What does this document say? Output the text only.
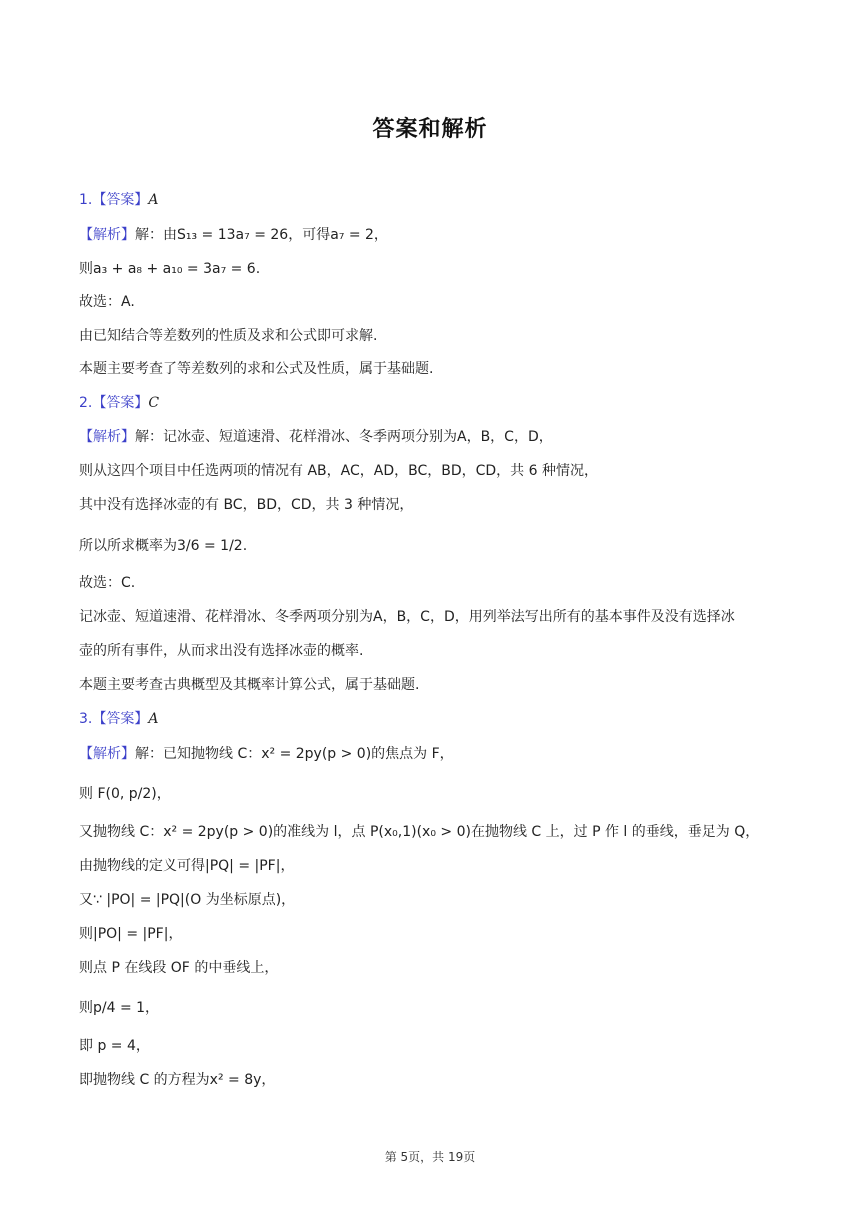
答案和解析
1.【答案】A
【解析】解：由S₁₃ = 13a₇ = 26，可得a₇ = 2，
则a₃ + a₈ + a₁₀ = 3a₇ = 6.
故选：A.
由已知结合等差数列的性质及求和公式即可求解.
本题主要考查了等差数列的求和公式及性质，属于基础题.
2.【答案】C
【解析】解：记冰壶、短道速滑、花样滑冰、冬季两项分别为A，B，C，D，
则从这四个项目中任选两项的情况有 AB，AC，AD，BC，BD，CD，共 6 种情况，
其中没有选择冰壶的有 BC，BD，CD，共 3 种情况，
所以所求概率为3/6 = 1/2.
故选：C.
记冰壶、短道速滑、花样滑冰、冬季两项分别为A，B，C，D，用列举法写出所有的基本事件及没有选择冰
壶的所有事件，从而求出没有选择冰壶的概率.
本题主要考查古典概型及其概率计算公式，属于基础题.
3.【答案】A
【解析】解：已知抛物线 C：x² = 2py(p > 0)的焦点为 F，
则 F(0, p/2)，
又抛物线 C：x² = 2py(p > 0)的准线为 l，点 P(x₀,1)(x₀ > 0)在抛物线 C 上，过 P 作 l 的垂线，垂足为 Q，
由抛物线的定义可得|PQ| = |PF|，
又∵ |PO| = |PQ|(O 为坐标原点)，
则|PO| = |PF|，
则点 P 在线段 OF 的中垂线上，
则p/4 = 1，
即 p = 4，
即抛物线 C 的方程为x² = 8y，
第 5页，共 19页
